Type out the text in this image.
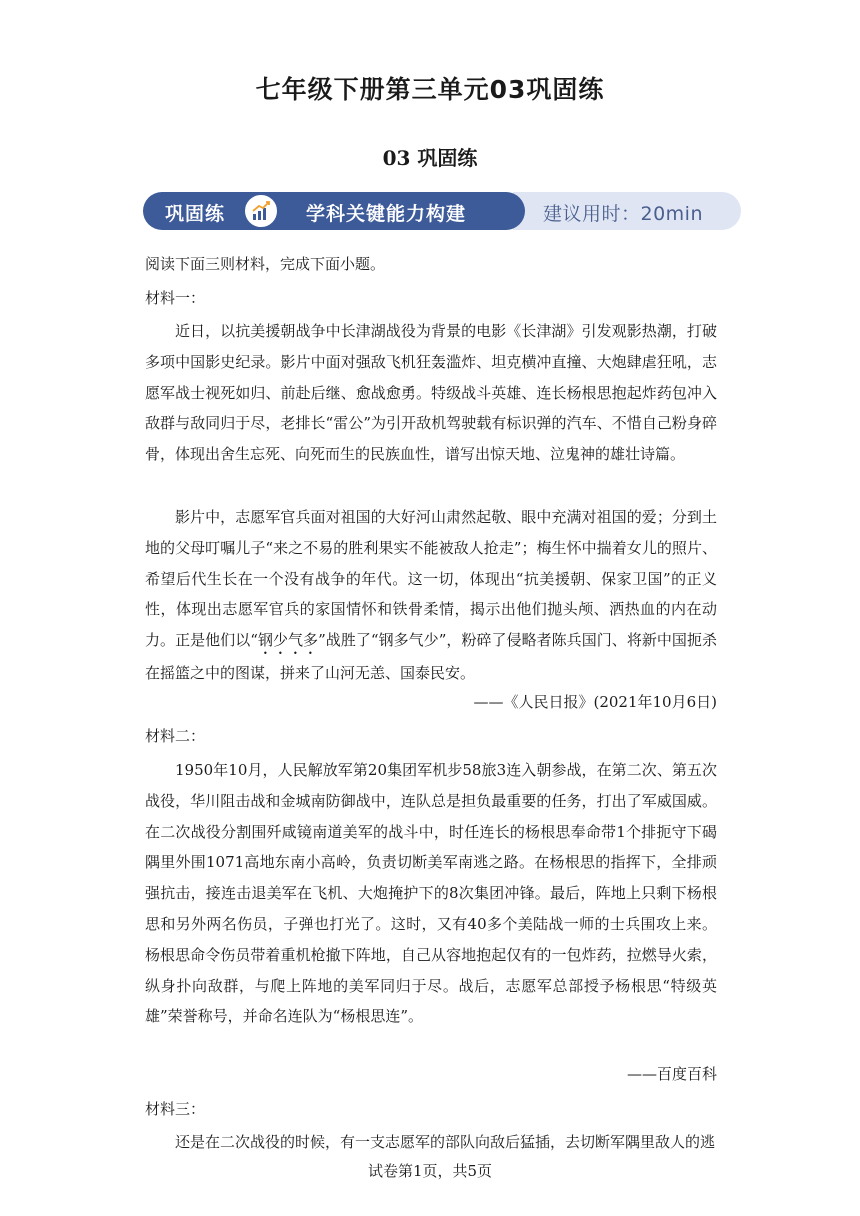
七年级下册第三单元03巩固练
03 巩固练
巩固练	学科关键能力构建	建议用时：20min
阅读下面三则材料，完成下面小题。
材料一：
近日，以抗美援朝战争中长津湖战役为背景的电影《长津湖》引发观影热潮，打破多项中国影史纪录。影片中面对强敌飞机狂轰滥炸、坦克横冲直撞、大炮肆虐狂吼，志愿军战士视死如归、前赴后继、愈战愈勇。特级战斗英雄、连长杨根思抱起炸药包冲入敌群与敌同归于尽，老排长“雷公”为引开敌机驾驶载有标识弹的汽车、不惜自己粉身碎骨，体现出舍生忘死、向死而生的民族血性，谱写出惊天地、泣鬼神的雄壮诗篇。
影片中，志愿军官兵面对祖国的大好河山肃然起敬、眼中充满对祖国的爱；分到土地的父母叮嘱儿子“来之不易的胜利果实不能被敌人抢走”；梅生怀中揣着女儿的照片、希望后代生长在一个没有战争的年代。这一切，体现出“抗美援朝、保家卫国”的正义性，体现出志愿军官兵的家国情怀和铁骨柔情，揭示出他们抛头颅、洒热血的内在动力。正是他们以“钢少气多”战胜了“钢多气少”，粉碎了侵略者陈兵国门、将新中国扼杀在摇篮之中的图谋，拼来了山河无恙、国泰民安。
——《人民日报》(2021年10月6日)
材料二：
1950年10月，人民解放军第20集团军机步58旅3连入朝参战，在第二次、第五次战役，华川阻击战和金城南防御战中，连队总是担负最重要的任务，打出了军威国威。在二次战役分割围歼咸镜南道美军的战斗中，时任连长的杨根思奉命带1个排扼守下碣隅里外围1071高地东南小高岭，负责切断美军南逃之路。在杨根思的指挥下，全排顽强抗击，接连击退美军在飞机、大炮掩护下的8次集团冲锋。最后，阵地上只剩下杨根思和另外两名伤员，子弹也打光了。这时，又有40多个美陆战一师的士兵围攻上来。杨根思命令伤员带着重机枪撤下阵地，自己从容地抱起仅有的一包炸药，拉燃导火索，纵身扑向敌群，与爬上阵地的美军同归于尽。战后，志愿军总部授予杨根思“特级英雄”荣誉称号，并命名连队为“杨根思连”。
——百度百科
材料三：
还是在二次战役的时候，有一支志愿军的部队向敌后猛插，去切断军隅里敌人的逃
试卷第1页，共5页
